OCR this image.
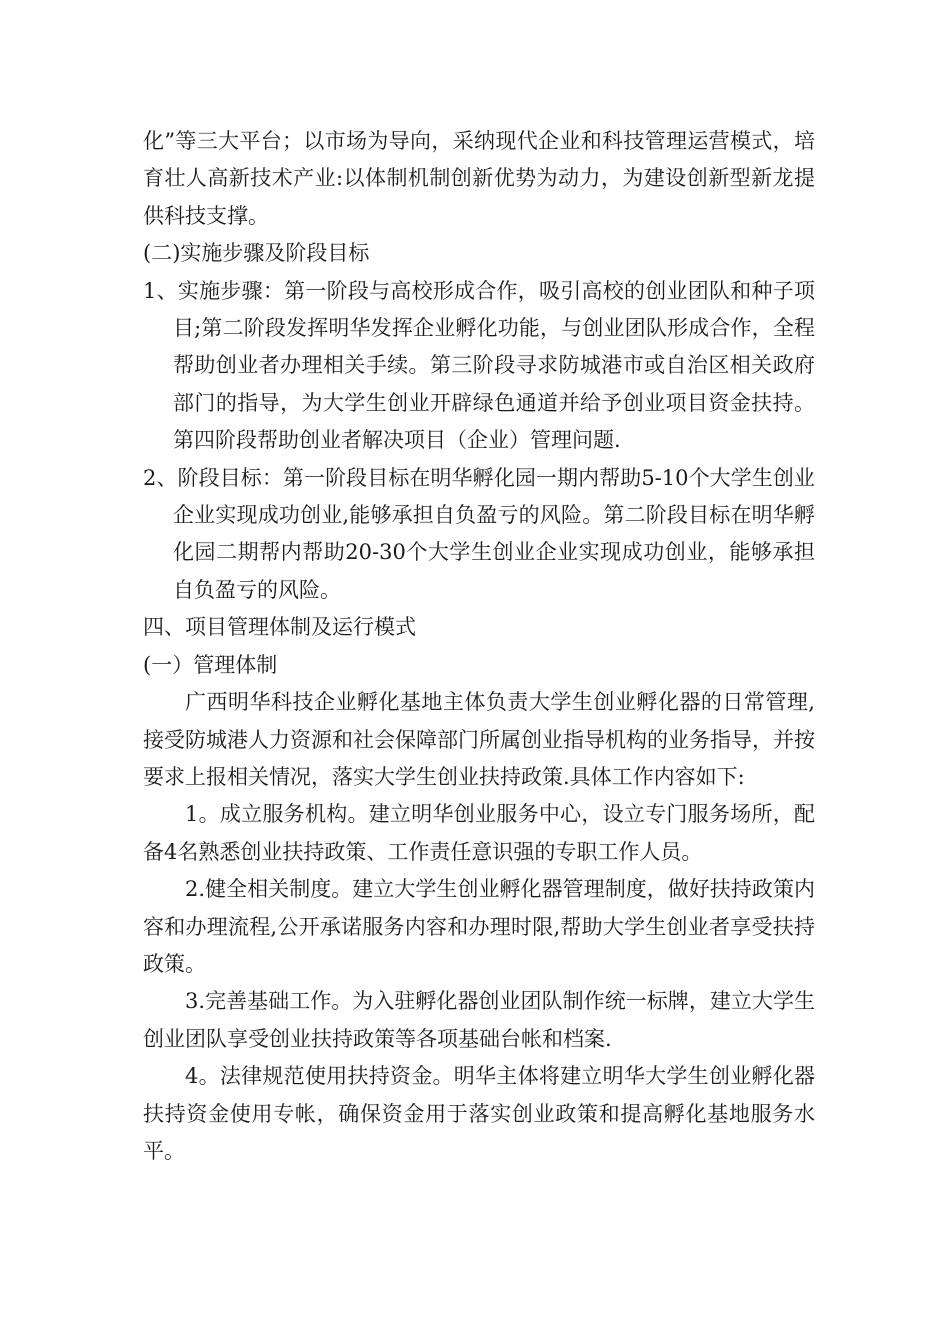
化”等三大平台；以市场为导向，采纳现代企业和科技管理运营模式，培育壮人高新技术产业:以体制机制创新优势为动力，为建设创新型新龙提供科技支撑。

(二)实施步骤及阶段目标

1、实施步骤：第一阶段与高校形成合作，吸引高校的创业团队和种子项目;第二阶段发挥明华发挥企业孵化功能，与创业团队形成合作，全程帮助创业者办理相关手续。第三阶段寻求防城港市或自治区相关政府部门的指导，为大学生创业开辟绿色通道并给予创业项目资金扶持。第四阶段帮助创业者解决项目（企业）管理问题.

2、阶段目标：第一阶段目标在明华孵化园一期内帮助5-10个大学生创业企业实现成功创业,能够承担自负盈亏的风险。第二阶段目标在明华孵化园二期帮内帮助20-30个大学生创业企业实现成功创业，能够承担自负盈亏的风险。

四、项目管理体制及运行模式

(一）管理体制

广西明华科技企业孵化基地主体负责大学生创业孵化器的日常管理,接受防城港人力资源和社会保障部门所属创业指导机构的业务指导，并按要求上报相关情况，落实大学生创业扶持政策.具体工作内容如下:

1。成立服务机构。建立明华创业服务中心，设立专门服务场所，配备4名熟悉创业扶持政策、工作责任意识强的专职工作人员。

2.健全相关制度。建立大学生创业孵化器管理制度，做好扶持政策内容和办理流程,公开承诺服务内容和办理时限,帮助大学生创业者享受扶持政策。

3.完善基础工作。为入驻孵化器创业团队制作统一标牌，建立大学生创业团队享受创业扶持政策等各项基础台帐和档案.

4。法律规范使用扶持资金。明华主体将建立明华大学生创业孵化器扶持资金使用专帐，确保资金用于落实创业政策和提高孵化基地服务水平。
